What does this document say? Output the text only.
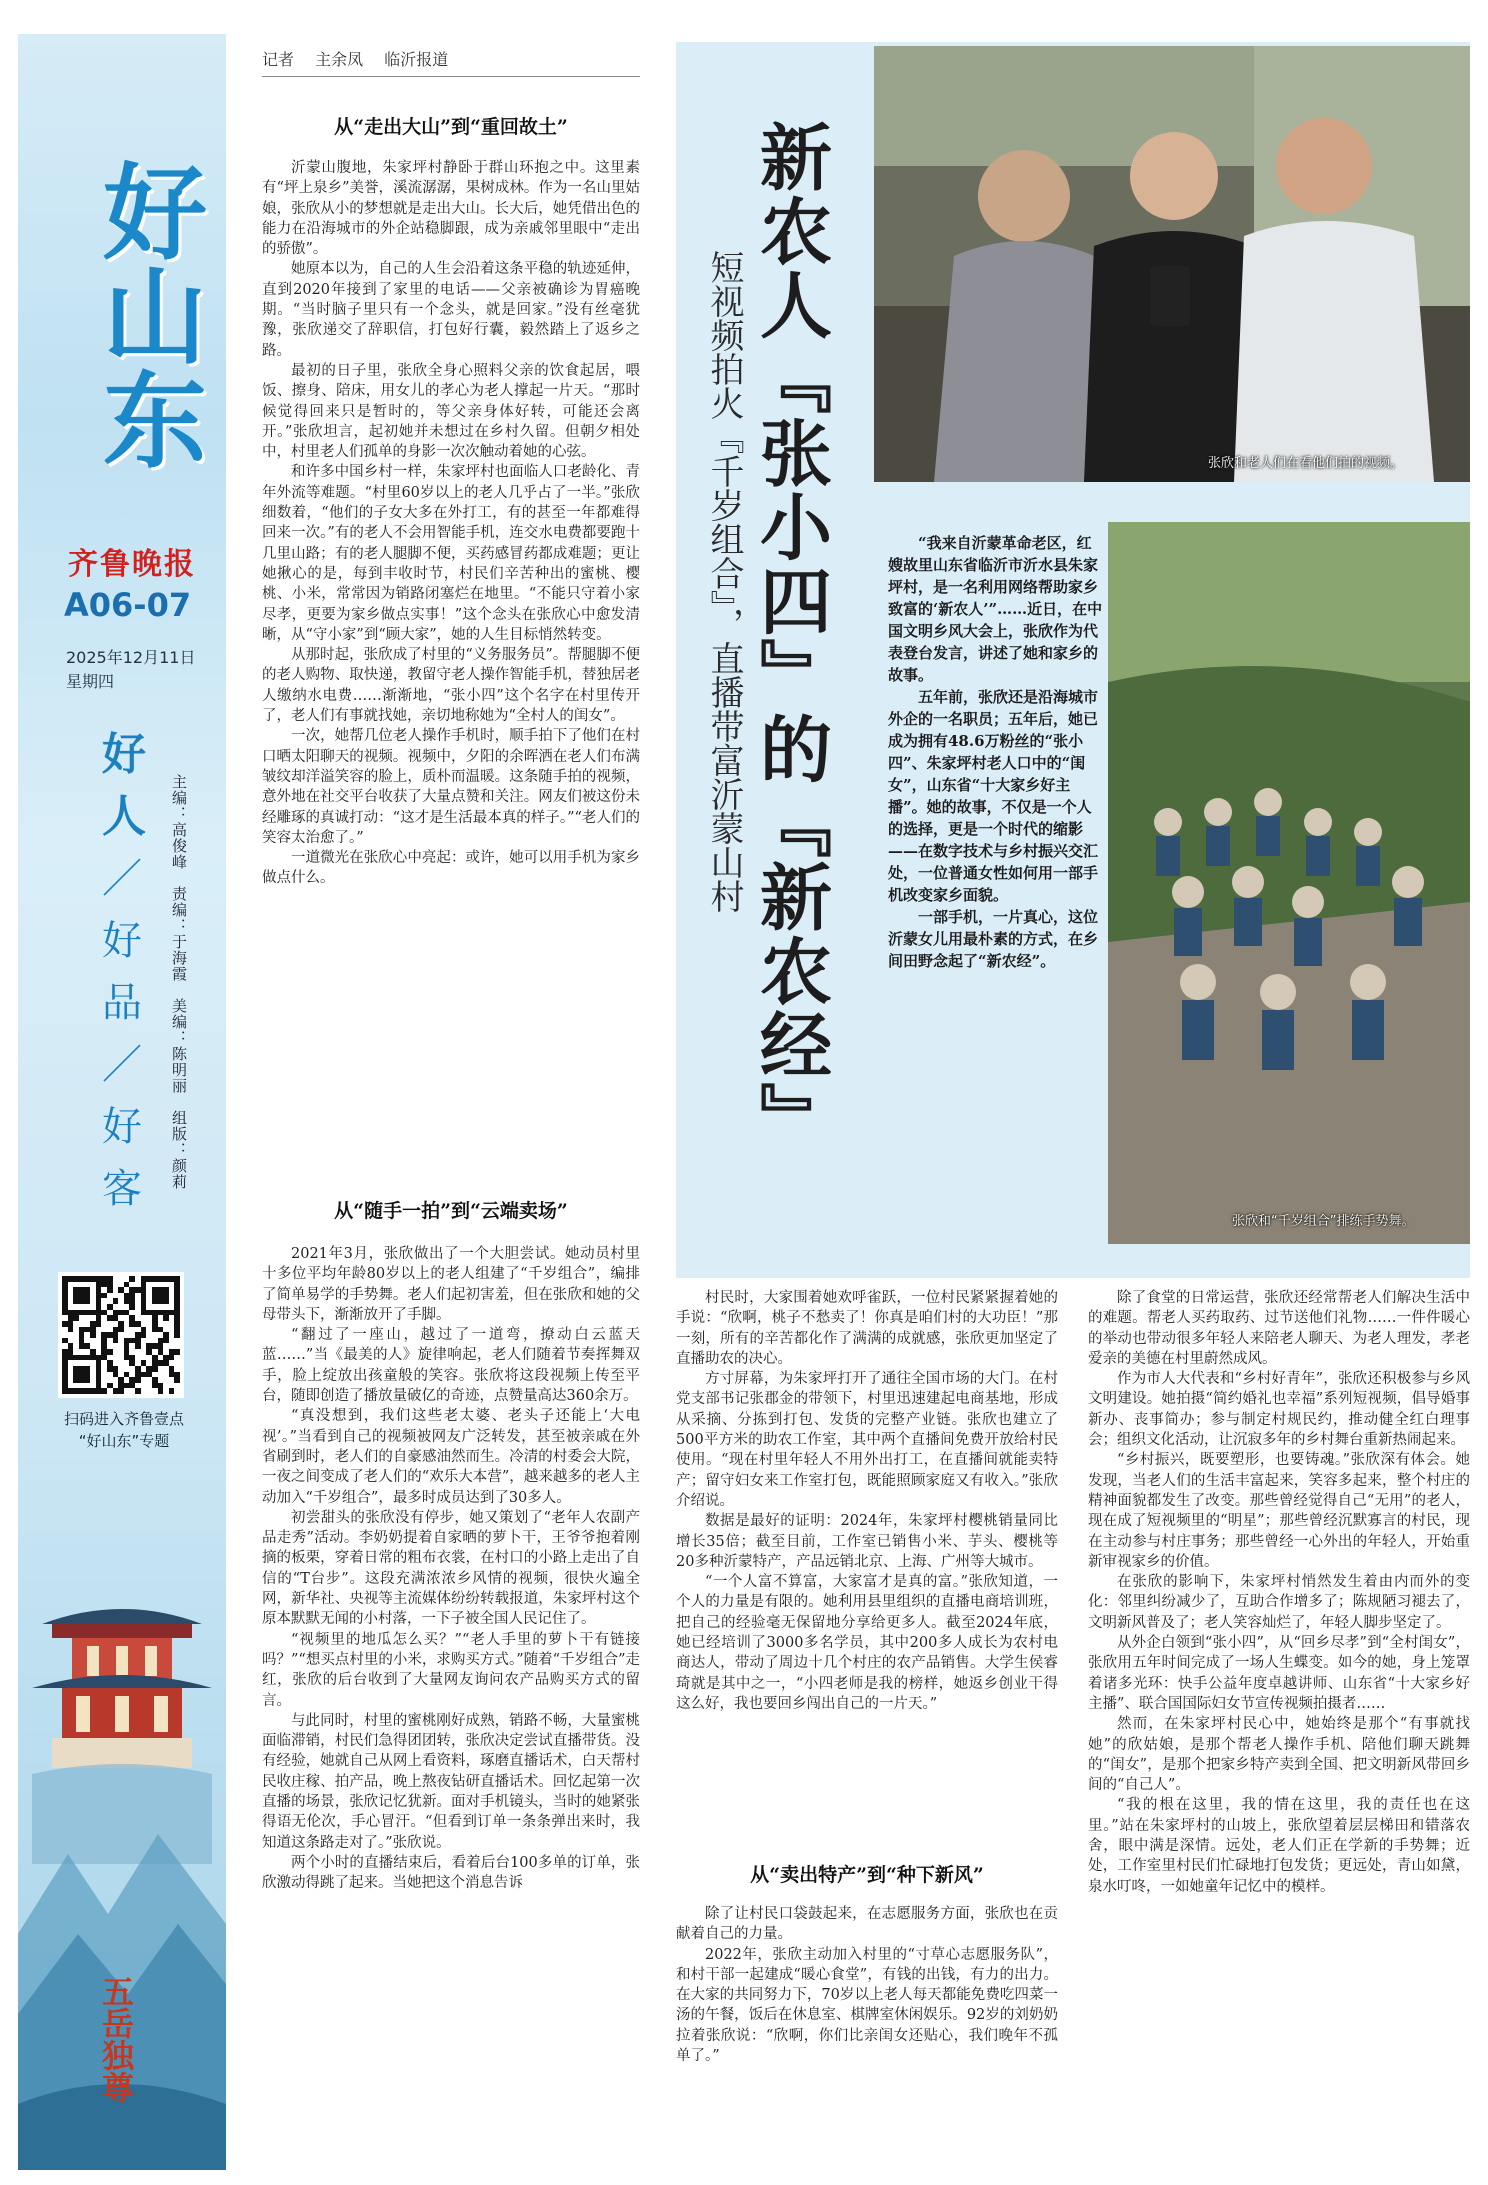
好山东
齐鲁晚报
A06-07
2025年12月11日
星期四
好
人
／
好
品
／
好
客 主编：高俊峰　责编：于海霞　美编：陈明丽　组版：颜莉
扫码进入齐鲁壹点
“好山东”专题
五岳独尊
记者 主余凤 临沂报道
从“走出大山”到“重回故土”

沂蒙山腹地，朱家坪村静卧于群山环抱之中。这里素有“坪上泉乡”美誉，溪流潺潺，果树成林。作为一名山里姑娘，张欣从小的梦想就是走出大山。长大后，她凭借出色的能力在沿海城市的外企站稳脚跟，成为亲戚邻里眼中“走出的骄傲”。

她原本以为，自己的人生会沿着这条平稳的轨迹延伸，直到2020年接到了家里的电话——父亲被确诊为胃癌晚期。“当时脑子里只有一个念头，就是回家。”没有丝毫犹豫，张欣递交了辞职信，打包好行囊，毅然踏上了返乡之路。

最初的日子里，张欣全身心照料父亲的饮食起居，喂饭、擦身、陪床，用女儿的孝心为老人撑起一片天。“那时候觉得回来只是暂时的，等父亲身体好转，可能还会离开。”张欣坦言，起初她并未想过在乡村久留。但朝夕相处中，村里老人们孤单的身影一次次触动着她的心弦。

和许多中国乡村一样，朱家坪村也面临人口老龄化、青年外流等难题。“村里60岁以上的老人几乎占了一半。”张欣细数着，“他们的子女大多在外打工，有的甚至一年都难得回来一次。”有的老人不会用智能手机，连交水电费都要跑十几里山路；有的老人腿脚不便，买药感冒药都成难题；更让她揪心的是，每到丰收时节，村民们辛苦种出的蜜桃、樱桃、小米，常常因为销路闭塞烂在地里。“不能只守着小家尽孝，更要为家乡做点实事！”这个念头在张欣心中愈发清晰，从“守小家”到“顾大家”，她的人生目标悄然转变。

从那时起，张欣成了村里的“义务服务员”。帮腿脚不便的老人购物、取快递，教留守老人操作智能手机，替独居老人缴纳水电费……渐渐地，“张小四”这个名字在村里传开了，老人们有事就找她，亲切地称她为“全村人的闺女”。

一次，她帮几位老人操作手机时，顺手拍下了他们在村口晒太阳聊天的视频。视频中，夕阳的余晖洒在老人们布满皱纹却洋溢笑容的脸上，质朴而温暖。这条随手拍的视频，意外地在社交平台收获了大量点赞和关注。网友们被这份未经雕琢的真诚打动：“这才是生活最本真的样子。”“老人们的笑容太治愈了。”

一道微光在张欣心中亮起：或许，她可以用手机为家乡做点什么。

从“随手一拍”到“云端卖场”

2021年3月，张欣做出了一个大胆尝试。她动员村里十多位平均年龄80岁以上的老人组建了“千岁组合”，编排了简单易学的手势舞。老人们起初害羞，但在张欣和她的父母带头下，渐渐放开了手脚。

“翻过了一座山，越过了一道弯，撩动白云蓝天蓝……”当《最美的人》旋律响起，老人们随着节奏挥舞双手，脸上绽放出孩童般的笑容。张欣将这段视频上传至平台，随即创造了播放量破亿的奇迹，点赞量高达360余万。

“真没想到，我们这些老太婆、老头子还能上‘大电视’。”当看到自己的视频被网友广泛转发，甚至被亲戚在外省刷到时，老人们的自豪感油然而生。冷清的村委会大院，一夜之间变成了老人们的“欢乐大本营”，越来越多的老人主动加入“千岁组合”，最多时成员达到了30多人。

初尝甜头的张欣没有停步，她又策划了“老年人农副产品走秀”活动。李奶奶提着自家晒的萝卜干，王爷爷抱着刚摘的板栗，穿着日常的粗布衣裳，在村口的小路上走出了自信的“T台步”。这段充满浓浓乡风情的视频，很快火遍全网，新华社、央视等主流媒体纷纷转载报道，朱家坪村这个原本默默无闻的小村落，一下子被全国人民记住了。

“视频里的地瓜怎么买？”“老人手里的萝卜干有链接吗？”“想买点村里的小米，求购买方式。”随着“千岁组合”走红，张欣的后台收到了大量网友询问农产品购买方式的留言。

与此同时，村里的蜜桃刚好成熟，销路不畅，大量蜜桃面临滞销，村民们急得团团转，张欣决定尝试直播带货。没有经验，她就自己从网上看资料，琢磨直播话术，白天帮村民收庄稼、拍产品，晚上熬夜钻研直播话术。回忆起第一次直播的场景，张欣记忆犹新。面对手机镜头，当时的她紧张得语无伦次，手心冒汗。“但看到订单一条条弹出来时，我知道这条路走对了。”张欣说。

两个小时的直播结束后，看着后台100多单的订单，张欣激动得跳了起来。当她把这个消息告诉

新农人『张小四』的『新农经』
短视频拍火『千岁组合』，直播带富沂蒙山村	张欣和老人们在看他们拍的视频。
张欣和“千岁组合”排练手势舞。

“我来自沂蒙革命老区，红嫂故里山东省临沂市沂水县朱家坪村，是一名利用网络帮助家乡致富的‘新农人’”……近日，在中国文明乡风大会上，张欣作为代表登台发言，讲述了她和家乡的故事。

五年前，张欣还是沿海城市外企的一名职员；五年后，她已成为拥有48.6万粉丝的“张小四”、朱家坪村老人口中的“闺女”，山东省“十大家乡好主播”。她的故事，不仅是一个人的选择，更是一个时代的缩影——在数字技术与乡村振兴交汇处，一位普通女性如何用一部手机改变家乡面貌。

一部手机，一片真心，这位沂蒙女儿用最朴素的方式，在乡间田野念起了“新农经”。

村民时，大家围着她欢呼雀跃，一位村民紧紧握着她的手说：“欣啊，桃子不愁卖了！你真是咱们村的大功臣！”那一刻，所有的辛苦都化作了满满的成就感，张欣更加坚定了直播助农的决心。

方寸屏幕，为朱家坪打开了通往全国市场的大门。在村党支部书记张郡金的带领下，村里迅速建起电商基地，形成从采摘、分拣到打包、发货的完整产业链。张欣也建立了500平方米的助农工作室，其中两个直播间免费开放给村民使用。“现在村里年轻人不用外出打工，在直播间就能卖特产；留守妇女来工作室打包，既能照顾家庭又有收入。”张欣介绍说。

数据是最好的证明：2024年，朱家坪村樱桃销量同比增长35倍；截至目前，工作室已销售小米、芋头、樱桃等20多种沂蒙特产，产品远销北京、上海、广州等大城市。

“一个人富不算富，大家富才是真的富。”张欣知道，一个人的力量是有限的。她利用县里组织的直播电商培训班，把自己的经验毫无保留地分享给更多人。截至2024年底，她已经培训了3000多名学员，其中200多人成长为农村电商达人，带动了周边十几个村庄的农产品销售。大学生侯睿琦就是其中之一，“小四老师是我的榜样，她返乡创业干得这么好，我也要回乡闯出自己的一片天。”

从“卖出特产”到“种下新风”

除了让村民口袋鼓起来，在志愿服务方面，张欣也在贡献着自己的力量。

2022年，张欣主动加入村里的“寸草心志愿服务队”，和村干部一起建成“暖心食堂”，有钱的出钱，有力的出力。在大家的共同努力下，70岁以上老人每天都能免费吃四菜一汤的午餐，饭后在休息室、棋牌室休闲娱乐。92岁的刘奶奶拉着张欣说：“欣啊，你们比亲闺女还贴心，我们晚年不孤单了。”

除了食堂的日常运营，张欣还经常帮老人们解决生活中的难题。帮老人买药取药、过节送他们礼物……一件件暖心的举动也带动很多年轻人来陪老人聊天、为老人理发，孝老爱亲的美德在村里蔚然成风。

作为市人大代表和“乡村好青年”，张欣还积极参与乡风文明建设。她拍摄“简约婚礼也幸福”系列短视频，倡导婚事新办、丧事简办；参与制定村规民约，推动健全红白理事会；组织文化活动，让沉寂多年的乡村舞台重新热闹起来。

“乡村振兴，既要塑形，也要铸魂。”张欣深有体会。她发现，当老人们的生活丰富起来，笑容多起来，整个村庄的精神面貌都发生了改变。那些曾经觉得自己“无用”的老人，现在成了短视频里的“明星”；那些曾经沉默寡言的村民，现在主动参与村庄事务；那些曾经一心外出的年轻人，开始重新审视家乡的价值。

在张欣的影响下，朱家坪村悄然发生着由内而外的变化：邻里纠纷减少了，互助合作增多了；陈规陋习褪去了，文明新风普及了；老人笑容灿烂了，年轻人脚步坚定了。

从外企白领到“张小四”，从“回乡尽孝”到“全村闺女”，张欣用五年时间完成了一场人生蝶变。如今的她，身上笼罩着诸多光环：快手公益年度卓越讲师、山东省“十大家乡好主播”、联合国国际妇女节宣传视频拍摄者……

然而，在朱家坪村民心中，她始终是那个“有事就找她”的欣姑娘，是那个帮老人操作手机、陪他们聊天跳舞的“闺女”，是那个把家乡特产卖到全国、把文明新风带回乡间的“自己人”。

“我的根在这里，我的情在这里，我的责任也在这里。”站在朱家坪村的山坡上，张欣望着层层梯田和错落农舍，眼中满是深情。远处，老人们正在学新的手势舞；近处，工作室里村民们忙碌地打包发货；更远处，青山如黛，泉水叮咚，一如她童年记忆中的模样。
